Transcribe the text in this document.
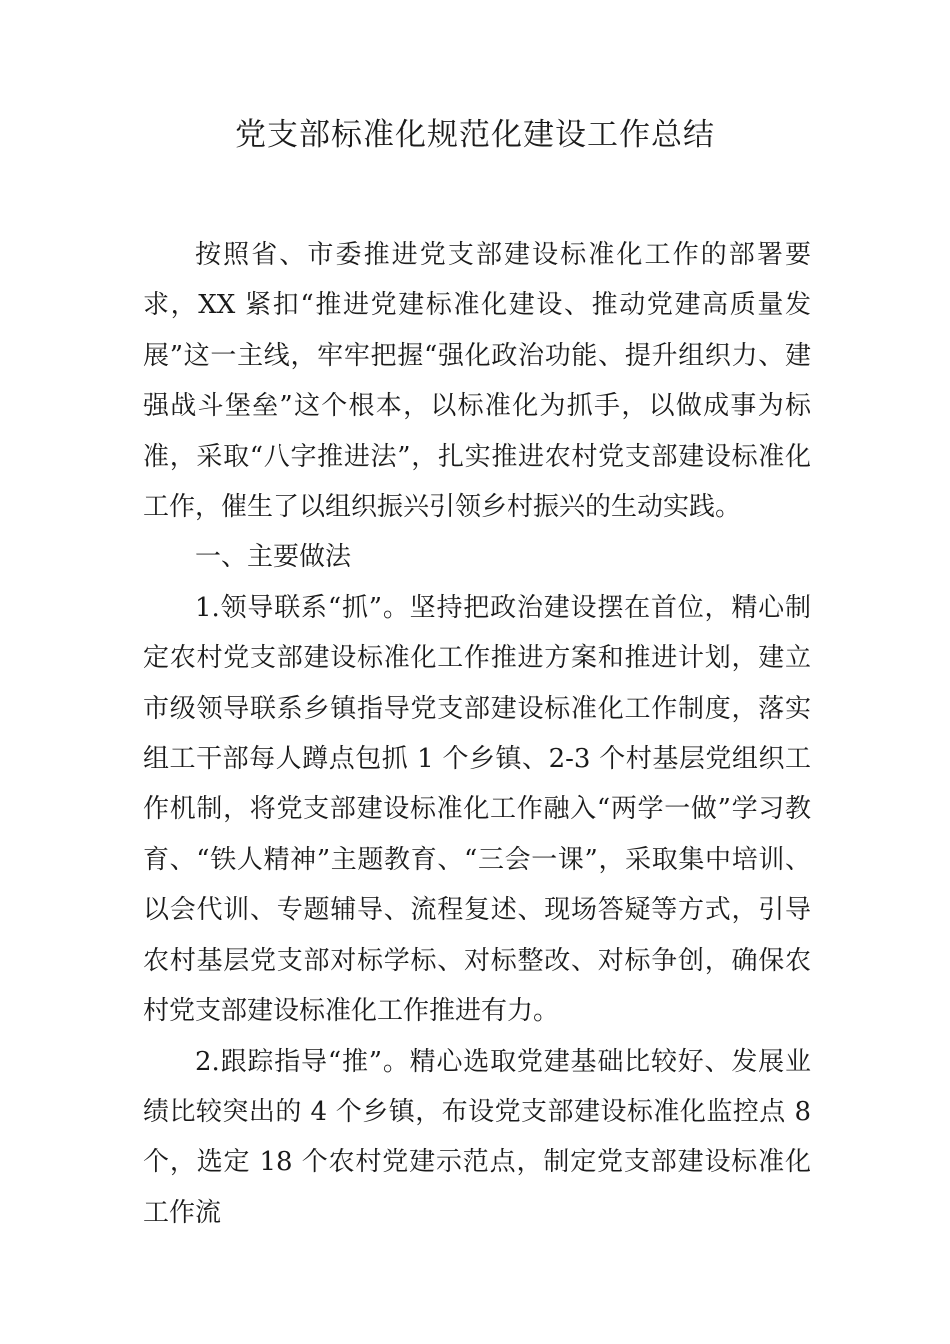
党支部标准化规范化建设工作总结

按照省、市委推进党支部建设标准化工作的部署要求，XX 紧扣“推进党建标准化建设、推动党建高质量发展”这一主线，牢牢把握“强化政治功能、提升组织力、建强战斗堡垒”这个根本，以标准化为抓手，以做成事为标准，采取“八字推进法”，扎实推进农村党支部建设标准化工作，催生了以组织振兴引领乡村振兴的生动实践。

一、主要做法

1.领导联系“抓”。坚持把政治建设摆在首位，精心制定农村党支部建设标准化工作推进方案和推进计划，建立市级领导联系乡镇指导党支部建设标准化工作制度，落实组工干部每人蹲点包抓 1 个乡镇、2-3 个村基层党组织工作机制，将党支部建设标准化工作融入“两学一做”学习教育、“铁人精神”主题教育、“三会一课”，采取集中培训、以会代训、专题辅导、流程复述、现场答疑等方式，引导农村基层党支部对标学标、对标整改、对标争创，确保农村党支部建设标准化工作推进有力。

2.跟踪指导“推”。精心选取党建基础比较好、发展业绩比较突出的 4 个乡镇，布设党支部建设标准化监控点 8 个，选定 18 个农村党建示范点，制定党支部建设标准化工作流
